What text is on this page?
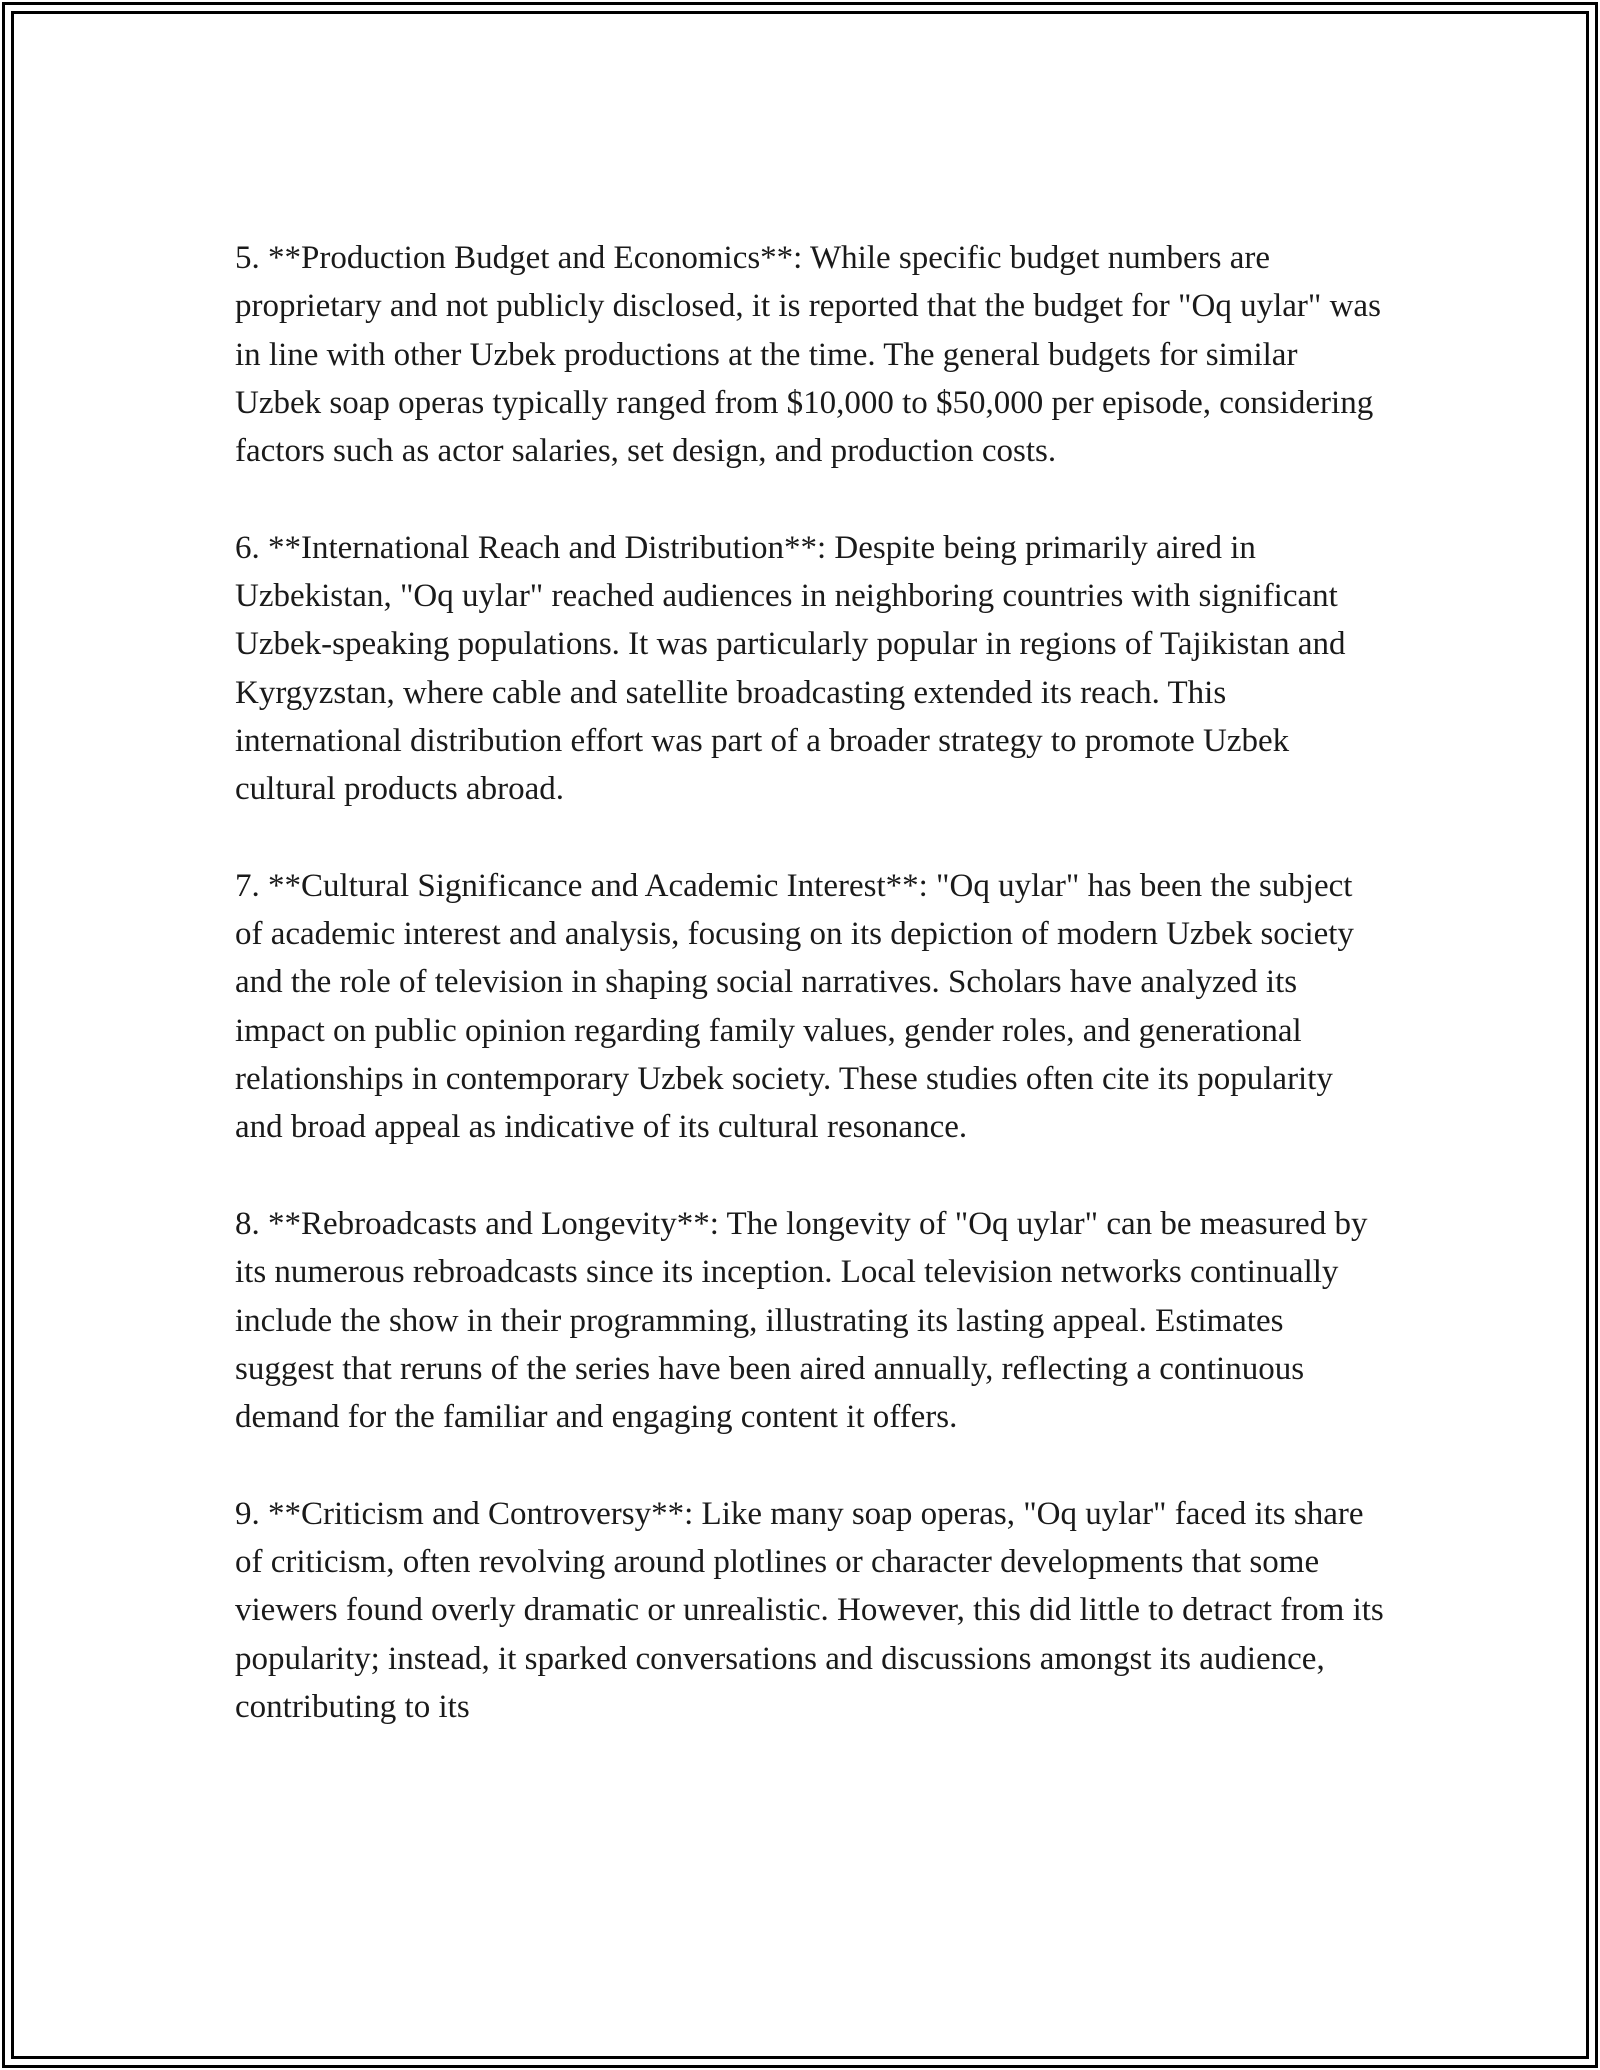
5. **Production Budget and Economics**: While specific budget numbers are proprietary and not publicly disclosed, it is reported that the budget for "Oq uylar" was in line with other Uzbek productions at the time. The general budgets for similar Uzbek soap operas typically ranged from $10,000 to $50,000 per episode, considering factors such as actor salaries, set design, and production costs.

6. **International Reach and Distribution**: Despite being primarily aired in Uzbekistan, "Oq uylar" reached audiences in neighboring countries with significant Uzbek-speaking populations. It was particularly popular in regions of Tajikistan and Kyrgyzstan, where cable and satellite broadcasting extended its reach. This international distribution effort was part of a broader strategy to promote Uzbek cultural products abroad.

7. **Cultural Significance and Academic Interest**: "Oq uylar" has been the subject of academic interest and analysis, focusing on its depiction of modern Uzbek society and the role of television in shaping social narratives. Scholars have analyzed its impact on public opinion regarding family values, gender roles, and generational relationships in contemporary Uzbek society. These studies often cite its popularity and broad appeal as indicative of its cultural resonance.

8. **Rebroadcasts and Longevity**: The longevity of "Oq uylar" can be measured by its numerous rebroadcasts since its inception. Local television networks continually include the show in their programming, illustrating its lasting appeal. Estimates suggest that reruns of the series have been aired annually, reflecting a continuous demand for the familiar and engaging content it offers.

9. **Criticism and Controversy**: Like many soap operas, "Oq uylar" faced its share of criticism, often revolving around plotlines or character developments that some viewers found overly dramatic or unrealistic. However, this did little to detract from its popularity; instead, it sparked conversations and discussions amongst its audience, contributing to its
